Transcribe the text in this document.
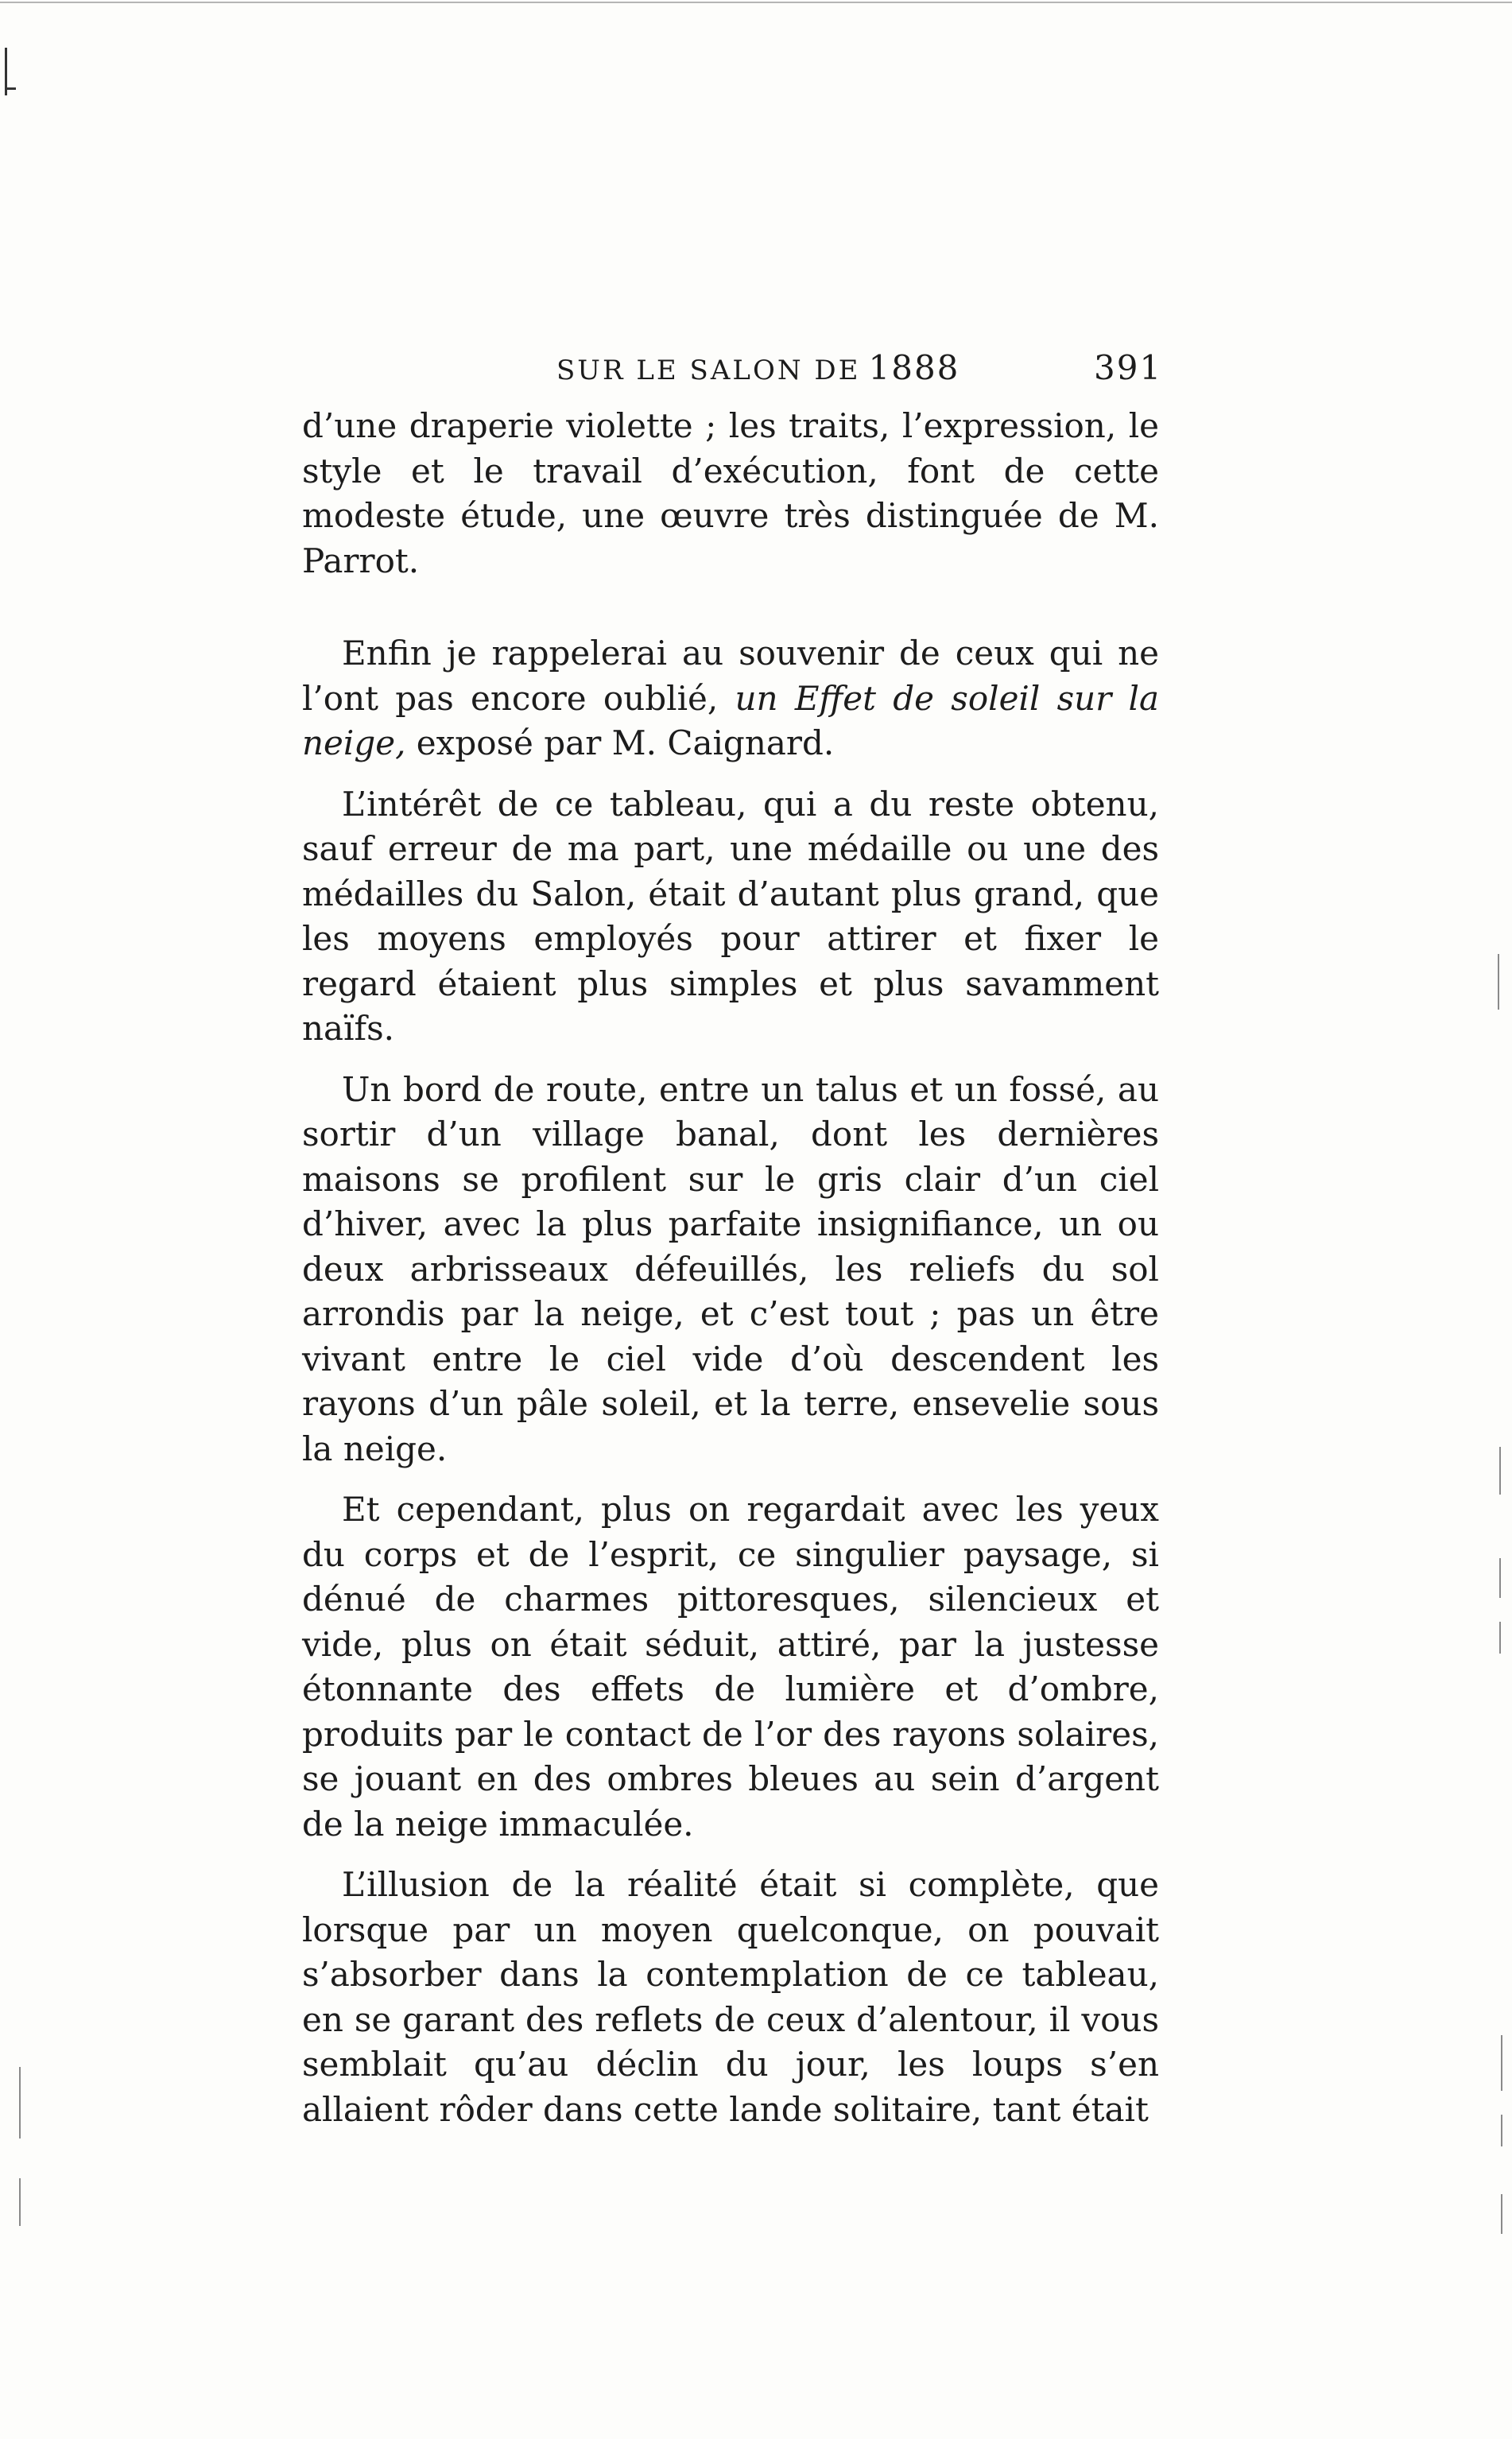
SUR LE SALON DE 1888	391

d’une draperie violette ; les traits, l’expression, le style et le travail d’exécution, font de cette modeste étude, une œuvre très distinguée de M. Parrot.

Enfin je rappelerai au souvenir de ceux qui ne l’ont pas encore oublié, un Effet de soleil sur la neige, exposé par M. Caignard.

L’intérêt de ce tableau, qui a du reste obtenu, sauf erreur de ma part, une médaille ou une des médailles du Salon, était d’autant plus grand, que les moyens employés pour attirer et fixer le regard étaient plus simples et plus savamment naïfs.

Un bord de route, entre un talus et un fossé, au sortir d’un village banal, dont les dernières maisons se profilent sur le gris clair d’un ciel d’hiver, avec la plus parfaite insignifiance, un ou deux arbrisseaux défeuillés, les reliefs du sol arrondis par la neige, et c’est tout ; pas un être vivant entre le ciel vide d’où descendent les rayons d’un pâle soleil, et la terre, ensevelie sous la neige.

Et cependant, plus on regardait avec les yeux du corps et de l’esprit, ce singulier paysage, si dénué de charmes pittoresques, silencieux et vide, plus on était séduit, attiré, par la justesse étonnante des effets de lumière et d’ombre, produits par le contact de l’or des rayons solaires, se jouant en des ombres bleues au sein d’argent de la neige immaculée.

L’illusion de la réalité était si complète, que lorsque par un moyen quelconque, on pouvait s’absorber dans la contemplation de ce tableau, en se garant des reflets de ceux d’alentour, il vous semblait qu’au déclin du jour, les loups s’en allaient rôder dans cette lande solitaire, tant était
